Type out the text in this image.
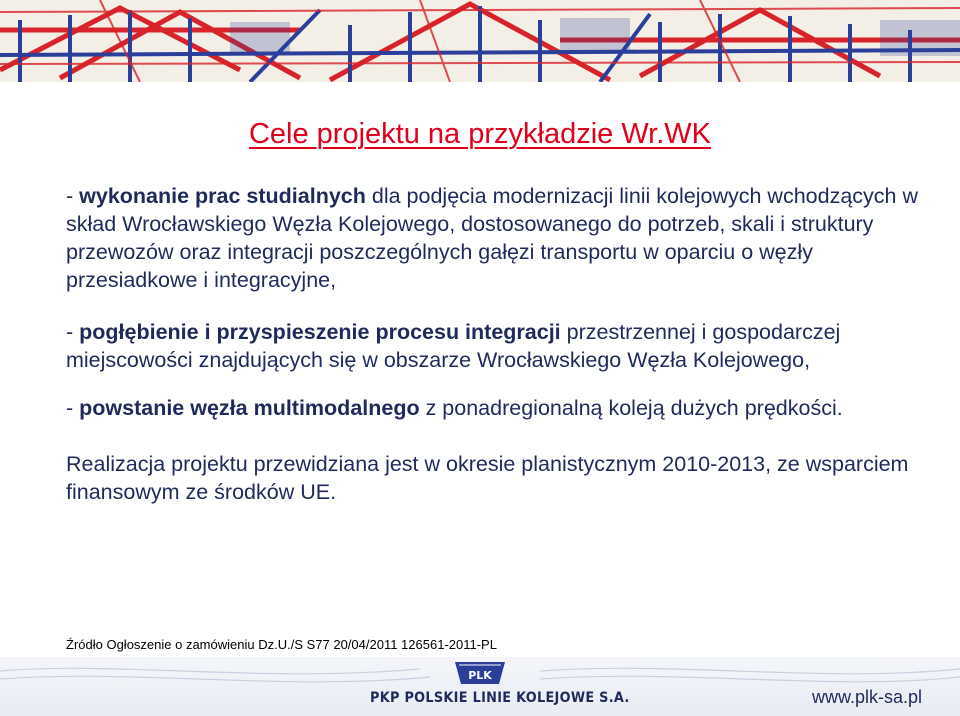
Cele projektu na przykładzie Wr.WK

- wykonanie prac studialnych dla podjęcia modernizacji linii kolejowych wchodzących w skład Wrocławskiego Węzła Kolejowego, dostosowanego do potrzeb, skali i struktury przewozów oraz integracji poszczególnych gałęzi transportu w oparciu o węzły przesiadkowe i integracyjne,

- pogłębienie i przyspieszenie procesu integracji przestrzennej i gospodarczej miejscowości znajdujących się w obszarze Wrocławskiego Węzła Kolejowego,

- powstanie węzła multimodalnego z ponadregionalną koleją dużych prędkości.

Realizacja projektu przewidziana jest w okresie planistycznym 2010-2013, ze wsparciem finansowym ze środków UE.

Źródło Ogłoszenie o zamówieniu Dz.U./S S77 20/04/2011 126561-2011-PL
PLK
PKP POLSKIE LINIE KOLEJOWE S.A.	www.plk-sa.pl
